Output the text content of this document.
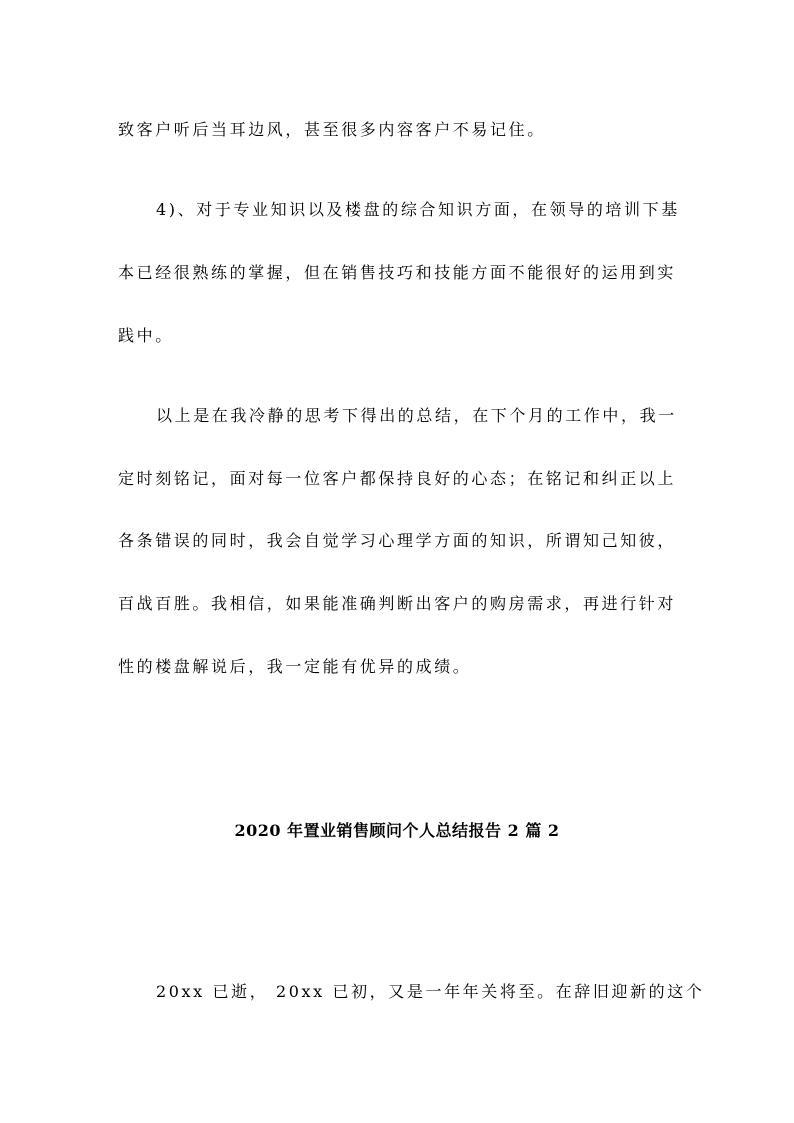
致客户听后当耳边风，甚至很多内容客户不易记住。
4)、对于专业知识以及楼盘的综合知识方面，在领导的培训下基
本已经很熟练的掌握，但在销售技巧和技能方面不能很好的运用到实
践中。
以上是在我冷静的思考下得出的总结，在下个月的工作中，我一
定时刻铭记，面对每一位客户都保持良好的心态；在铭记和纠正以上
各条错误的同时，我会自觉学习心理学方面的知识，所谓知己知彼，
百战百胜。我相信，如果能准确判断出客户的购房需求，再进行针对
性的楼盘解说后，我一定能有优异的成绩。
2020 年置业销售顾问个人总结报告 2 篇 2
20xx 已逝， 20xx 已初，又是一年年关将至。在辞旧迎新的这个
